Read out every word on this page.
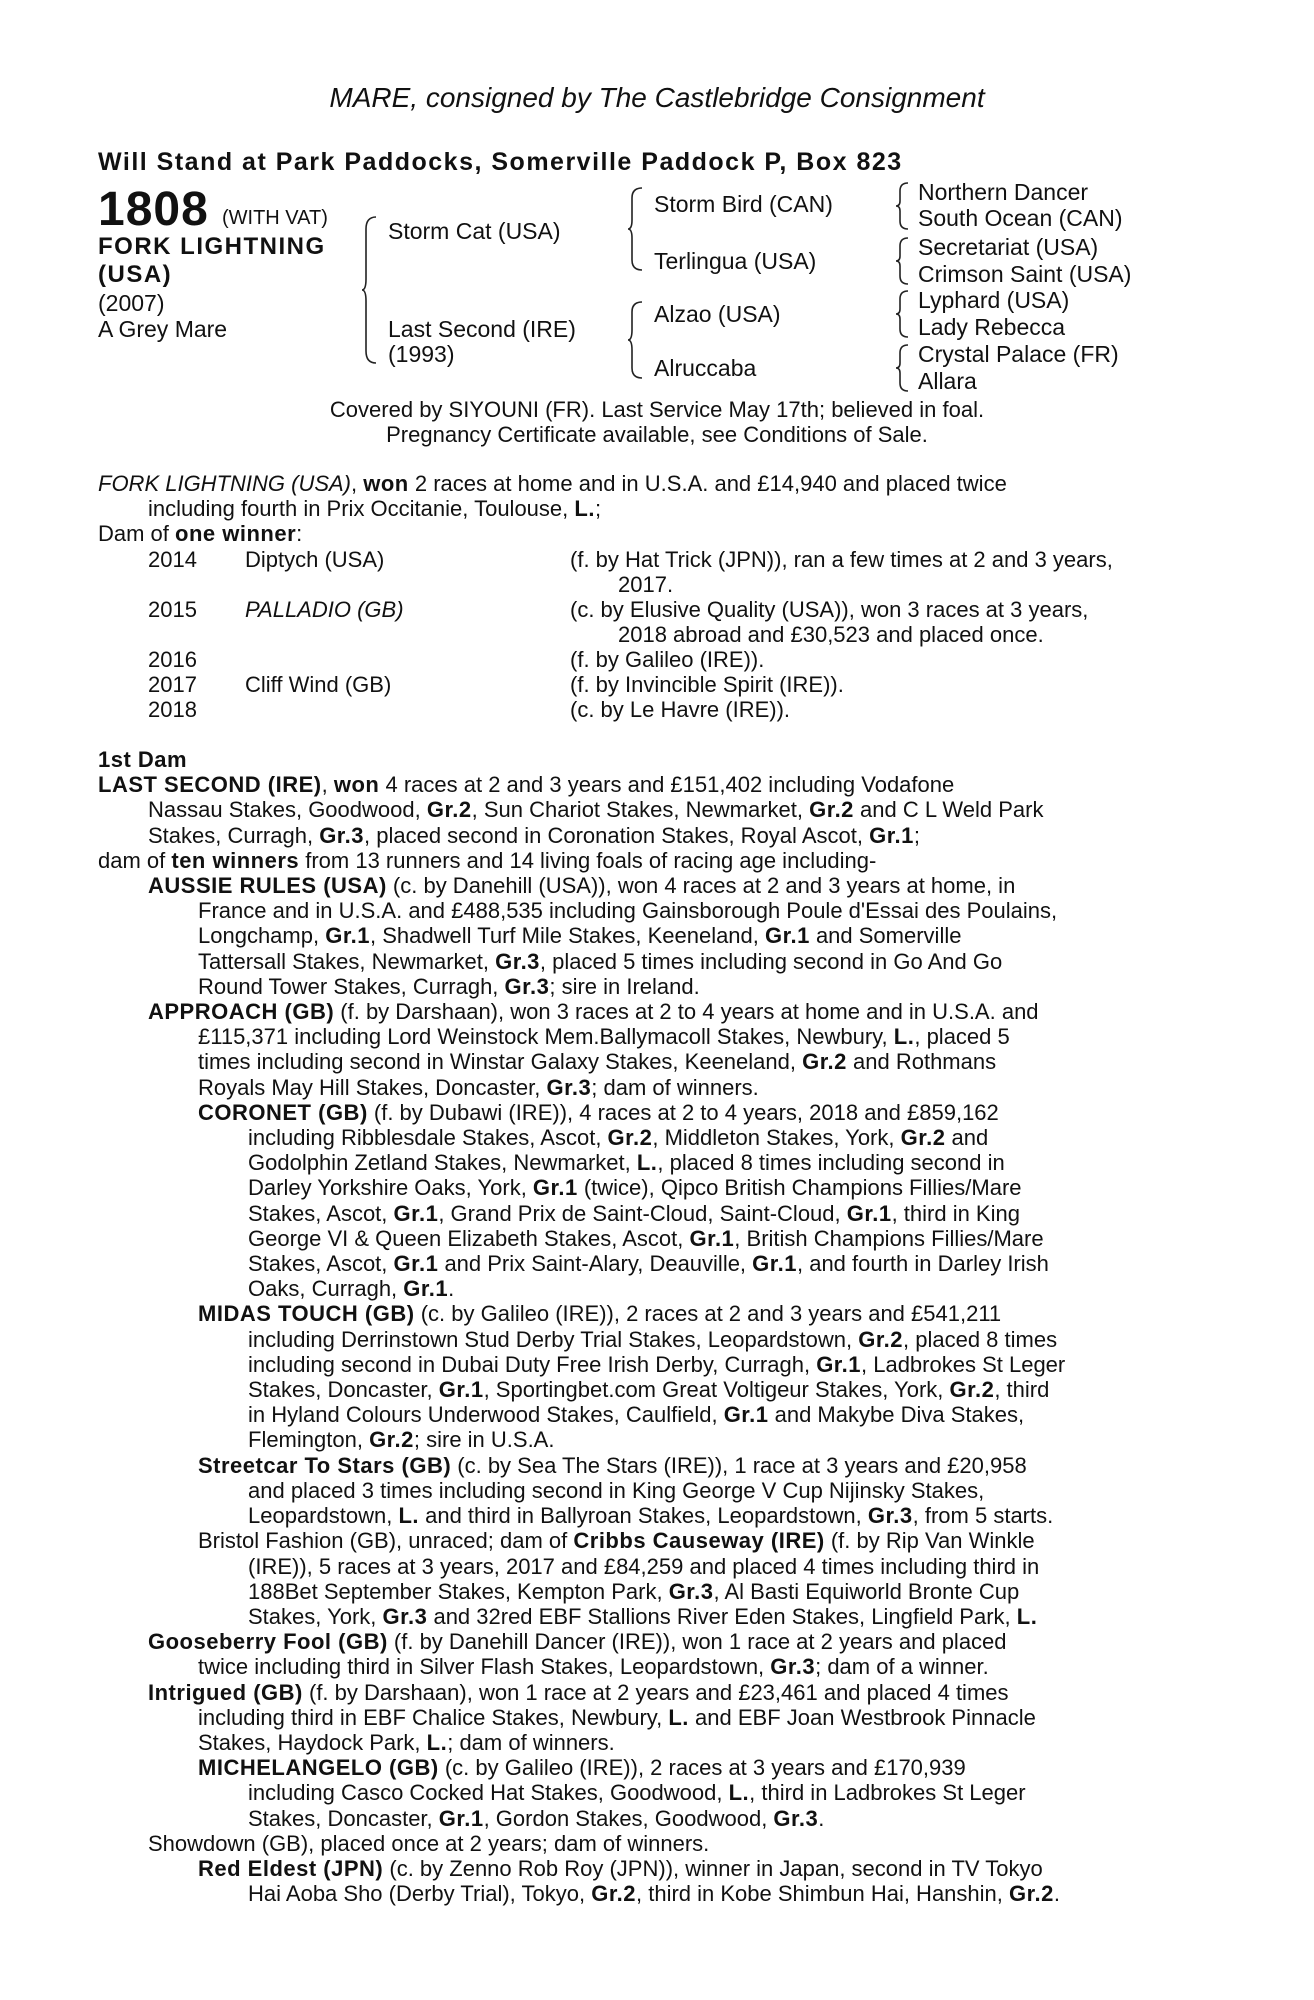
MARE, consigned by The Castlebridge Consignment
Will Stand at Park Paddocks, Somerville Paddock P, Box 823
1808 (WITH VAT)
FORK LIGHTNING
(USA)
(2007)
A Grey Mare
Storm Cat (USA)
Last Second (IRE)
(1993)
Storm Bird (CAN)
Terlingua (USA)
Alzao (USA)
Alruccaba
Northern Dancer
South Ocean (CAN)
Secretariat (USA)
Crimson Saint (USA)
Lyphard (USA)
Lady Rebecca
Crystal Palace (FR)
Allara
Covered by SIYOUNI (FR). Last Service May 17th; believed in foal.
Pregnancy Certificate available, see Conditions of Sale.
FORK LIGHTNING (USA), won 2 races at home and in U.S.A. and £14,940 and placed twice
including fourth in Prix Occitanie, Toulouse, L.;
Dam of one winner:
2014 Diptych (USA)	(f. by Hat Trick (JPN)), ran a few times at 2 and 3 years,
2017.
2015 PALLADIO (GB)	(c. by Elusive Quality (USA)), won 3 races at 3 years,
2018 abroad and £30,523 and placed once.
2016	(f. by Galileo (IRE)).
2017 Cliff Wind (GB)	(f. by Invincible Spirit (IRE)).
2018	(c. by Le Havre (IRE)).
1st Dam
LAST SECOND (IRE), won 4 races at 2 and 3 years and £151,402 including Vodafone
Nassau Stakes, Goodwood, Gr.2, Sun Chariot Stakes, Newmarket, Gr.2 and C L Weld Park
Stakes, Curragh, Gr.3, placed second in Coronation Stakes, Royal Ascot, Gr.1;
dam of ten winners from 13 runners and 14 living foals of racing age including-
AUSSIE RULES (USA) (c. by Danehill (USA)), won 4 races at 2 and 3 years at home, in
France and in U.S.A. and £488,535 including Gainsborough Poule d'Essai des Poulains,
Longchamp, Gr.1, Shadwell Turf Mile Stakes, Keeneland, Gr.1 and Somerville
Tattersall Stakes, Newmarket, Gr.3, placed 5 times including second in Go And Go
Round Tower Stakes, Curragh, Gr.3; sire in Ireland.
APPROACH (GB) (f. by Darshaan), won 3 races at 2 to 4 years at home and in U.S.A. and
£115,371 including Lord Weinstock Mem.Ballymacoll Stakes, Newbury, L., placed 5
times including second in Winstar Galaxy Stakes, Keeneland, Gr.2 and Rothmans
Royals May Hill Stakes, Doncaster, Gr.3; dam of winners.
CORONET (GB) (f. by Dubawi (IRE)), 4 races at 2 to 4 years, 2018 and £859,162
including Ribblesdale Stakes, Ascot, Gr.2, Middleton Stakes, York, Gr.2 and
Godolphin Zetland Stakes, Newmarket, L., placed 8 times including second in
Darley Yorkshire Oaks, York, Gr.1 (twice), Qipco British Champions Fillies/Mare
Stakes, Ascot, Gr.1, Grand Prix de Saint-Cloud, Saint-Cloud, Gr.1, third in King
George VI & Queen Elizabeth Stakes, Ascot, Gr.1, British Champions Fillies/Mare
Stakes, Ascot, Gr.1 and Prix Saint-Alary, Deauville, Gr.1, and fourth in Darley Irish
Oaks, Curragh, Gr.1.
MIDAS TOUCH (GB) (c. by Galileo (IRE)), 2 races at 2 and 3 years and £541,211
including Derrinstown Stud Derby Trial Stakes, Leopardstown, Gr.2, placed 8 times
including second in Dubai Duty Free Irish Derby, Curragh, Gr.1, Ladbrokes St Leger
Stakes, Doncaster, Gr.1, Sportingbet.com Great Voltigeur Stakes, York, Gr.2, third
in Hyland Colours Underwood Stakes, Caulfield, Gr.1 and Makybe Diva Stakes,
Flemington, Gr.2; sire in U.S.A.
Streetcar To Stars (GB) (c. by Sea The Stars (IRE)), 1 race at 3 years and £20,958
and placed 3 times including second in King George V Cup Nijinsky Stakes,
Leopardstown, L. and third in Ballyroan Stakes, Leopardstown, Gr.3, from 5 starts.
Bristol Fashion (GB), unraced; dam of Cribbs Causeway (IRE) (f. by Rip Van Winkle
(IRE)), 5 races at 3 years, 2017 and £84,259 and placed 4 times including third in
188Bet September Stakes, Kempton Park, Gr.3, Al Basti Equiworld Bronte Cup
Stakes, York, Gr.3 and 32red EBF Stallions River Eden Stakes, Lingfield Park, L.
Gooseberry Fool (GB) (f. by Danehill Dancer (IRE)), won 1 race at 2 years and placed
twice including third in Silver Flash Stakes, Leopardstown, Gr.3; dam of a winner.
Intrigued (GB) (f. by Darshaan), won 1 race at 2 years and £23,461 and placed 4 times
including third in EBF Chalice Stakes, Newbury, L. and EBF Joan Westbrook Pinnacle
Stakes, Haydock Park, L.; dam of winners.
MICHELANGELO (GB) (c. by Galileo (IRE)), 2 races at 3 years and £170,939
including Casco Cocked Hat Stakes, Goodwood, L., third in Ladbrokes St Leger
Stakes, Doncaster, Gr.1, Gordon Stakes, Goodwood, Gr.3.
Showdown (GB), placed once at 2 years; dam of winners.
Red Eldest (JPN) (c. by Zenno Rob Roy (JPN)), winner in Japan, second in TV Tokyo
Hai Aoba Sho (Derby Trial), Tokyo, Gr.2, third in Kobe Shimbun Hai, Hanshin, Gr.2.
